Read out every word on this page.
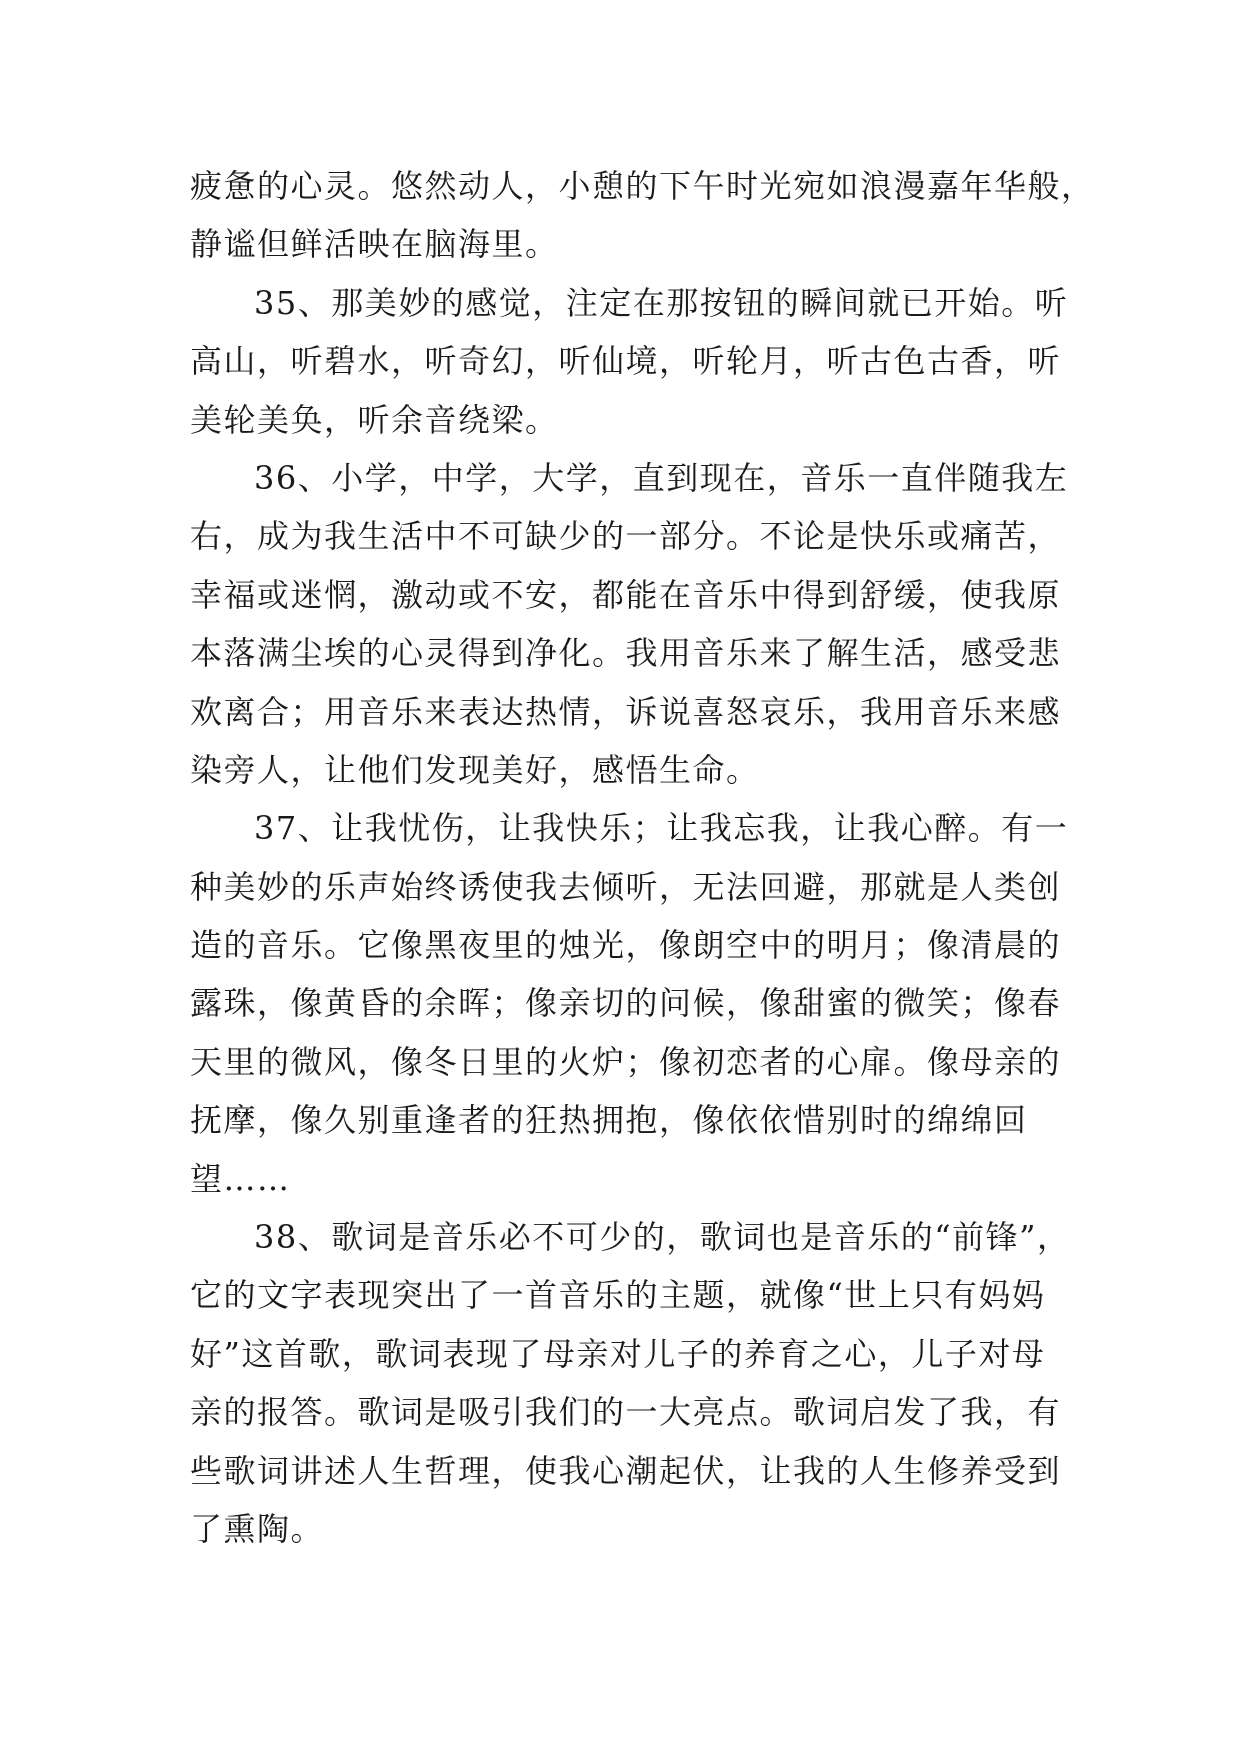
疲惫的心灵。悠然动人，小憩的下午时光宛如浪漫嘉年华般，
静谧但鲜活映在脑海里。
35、那美妙的感觉，注定在那按钮的瞬间就已开始。听
高山，听碧水，听奇幻，听仙境，听轮月，听古色古香，听
美轮美奂，听余音绕梁。
36、小学，中学，大学，直到现在，音乐一直伴随我左
右，成为我生活中不可缺少的一部分。不论是快乐或痛苦，
幸福或迷惘，激动或不安，都能在音乐中得到舒缓，使我原
本落满尘埃的心灵得到净化。我用音乐来了解生活，感受悲
欢离合；用音乐来表达热情，诉说喜怒哀乐，我用音乐来感
染旁人，让他们发现美好，感悟生命。
37、让我忧伤，让我快乐；让我忘我，让我心醉。有一
种美妙的乐声始终诱使我去倾听，无法回避，那就是人类创
造的音乐。它像黑夜里的烛光，像朗空中的明月；像清晨的
露珠，像黄昏的余晖；像亲切的问候，像甜蜜的微笑；像春
天里的微风，像冬日里的火炉；像初恋者的心扉。像母亲的
抚摩，像久别重逢者的狂热拥抱，像依依惜别时的绵绵回
望……
38、歌词是音乐必不可少的，歌词也是音乐的“前锋”，
它的文字表现突出了一首音乐的主题，就像“世上只有妈妈
好”这首歌，歌词表现了母亲对儿子的养育之心，儿子对母
亲的报答。歌词是吸引我们的一大亮点。歌词启发了我，有
些歌词讲述人生哲理，使我心潮起伏，让我的人生修养受到
了熏陶。
